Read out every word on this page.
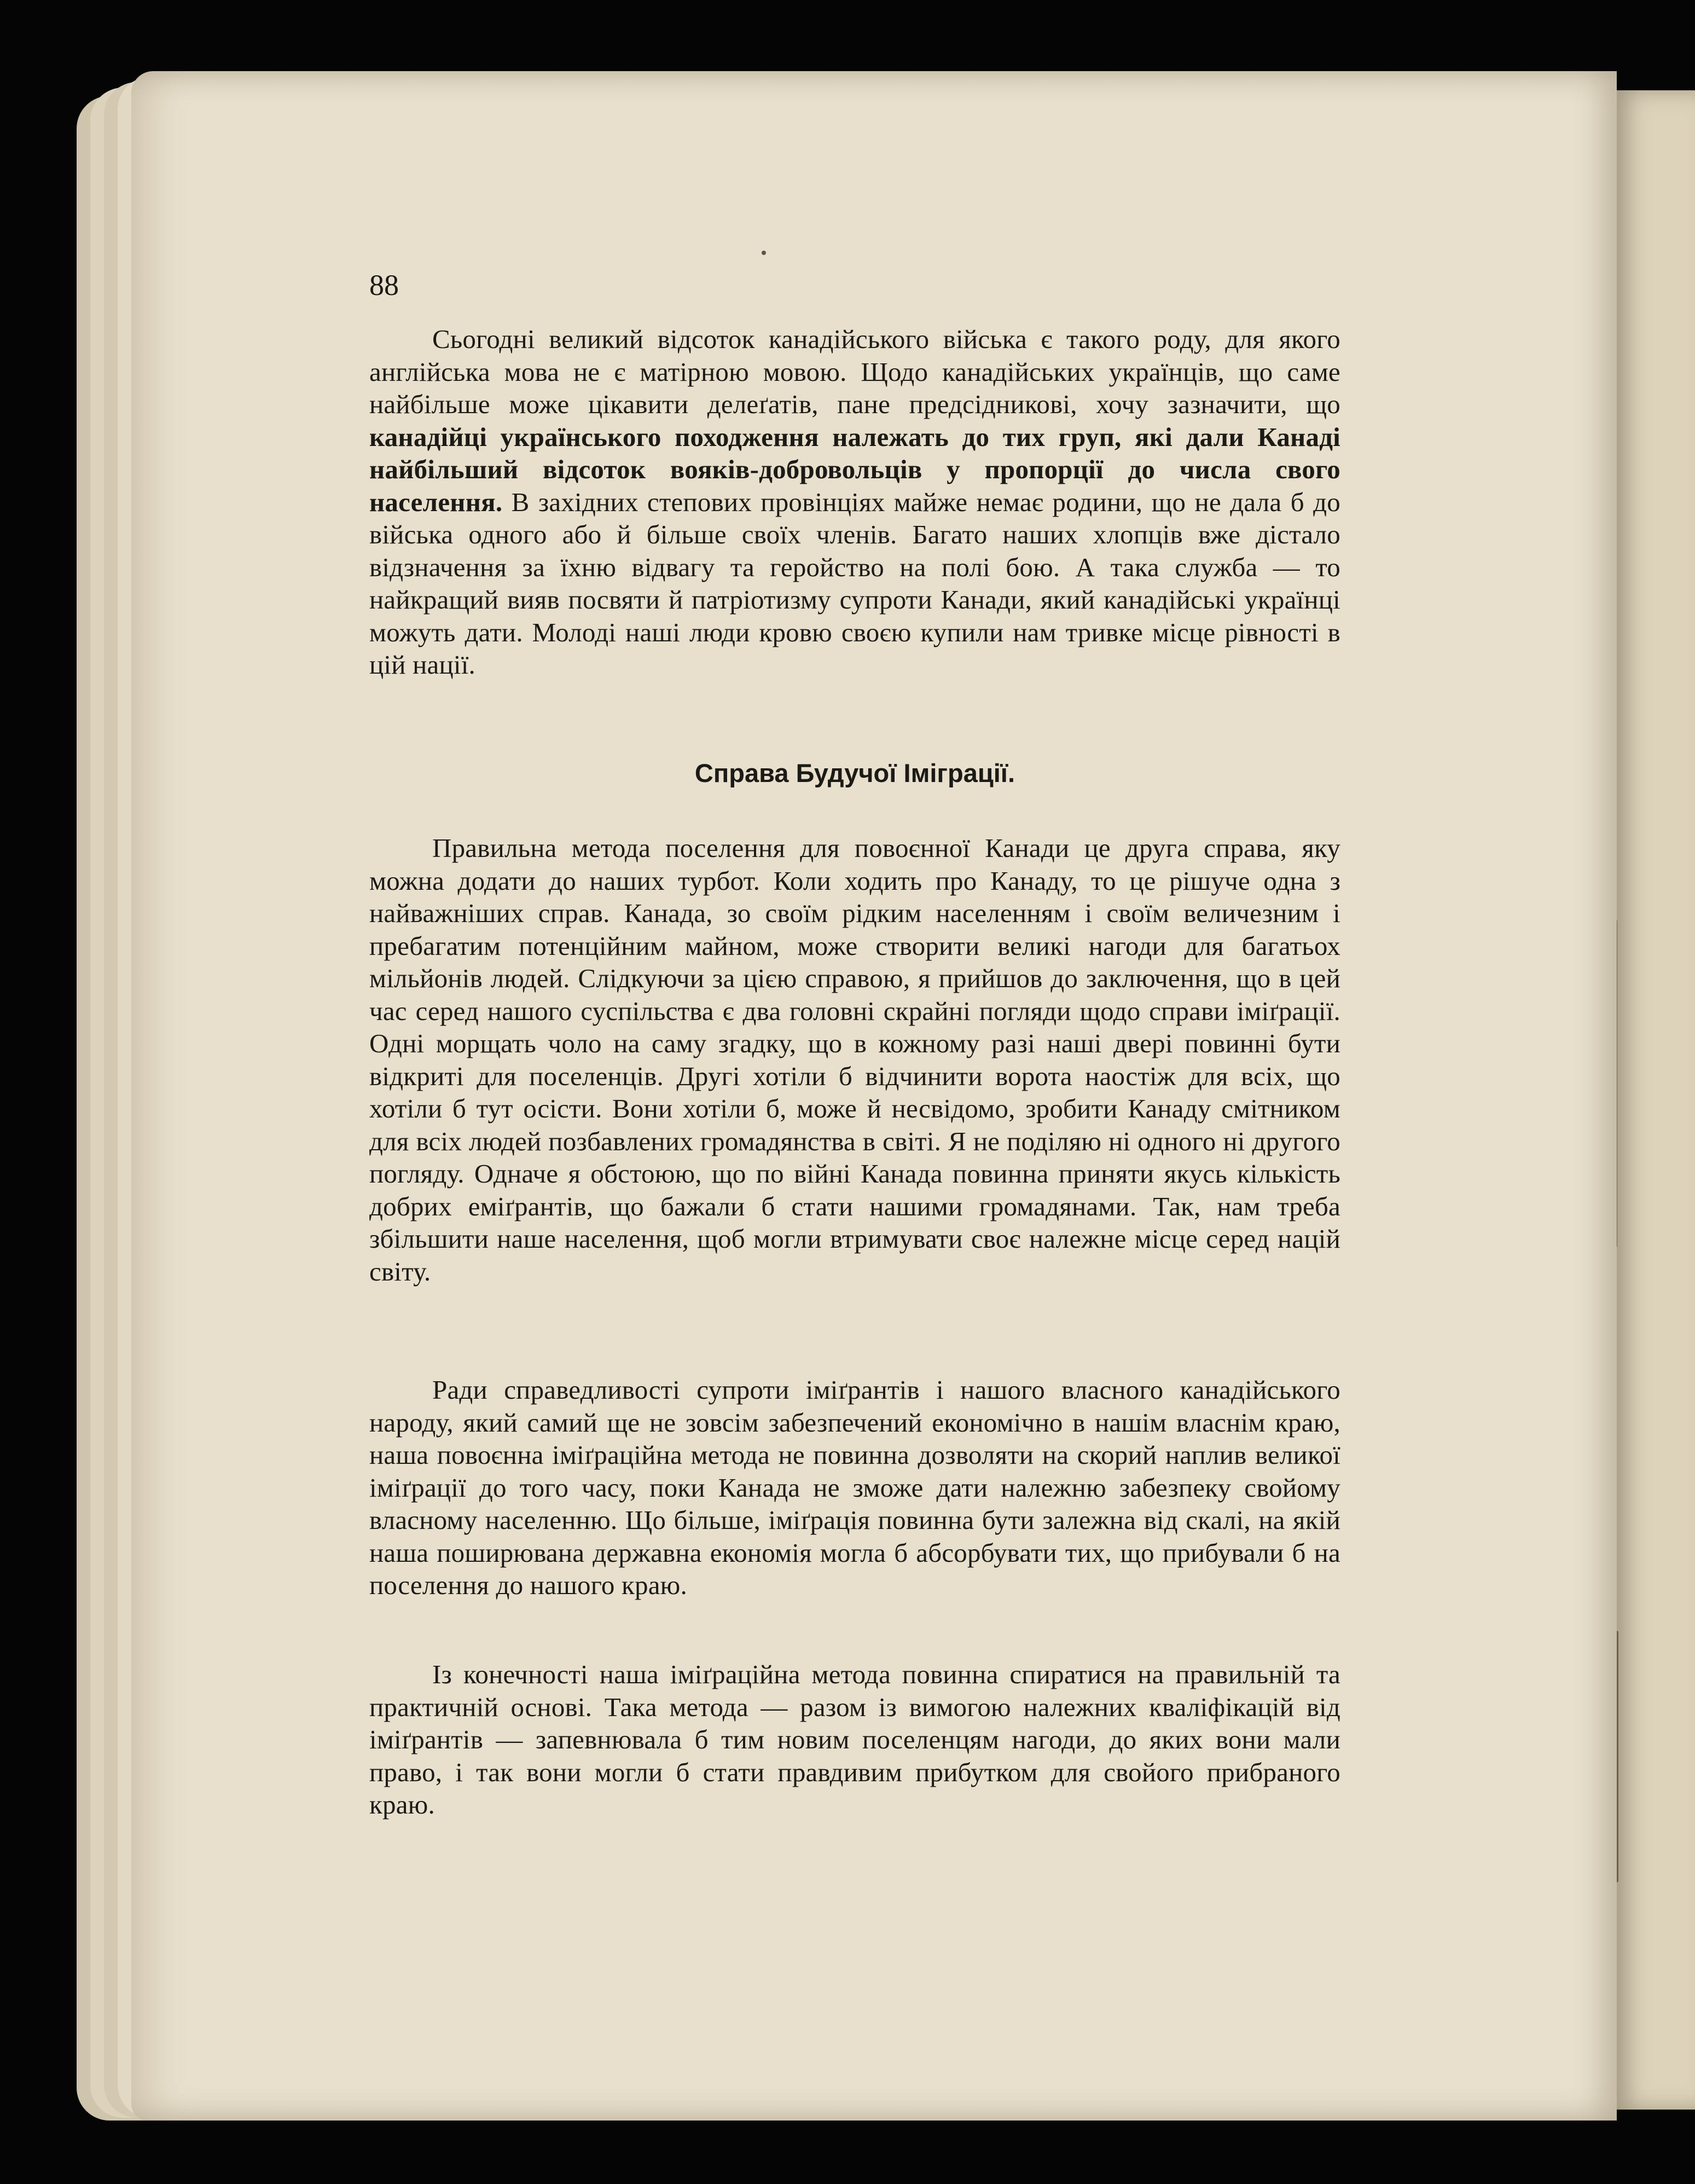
88

Сьогодні великий відсоток канадійського війська є такого роду, для якого англійська мова не є матірною мовою. Щодо канадійських українців, що саме найбільше може цікавити делеґатів, пане предсідникові, хочу зазначити, що канадійці українського походження належать до тих груп, які дали Канаді найбільший відсоток вояків-добровольців у пропорції до числа свого населення. В західних степових провінціях майже немає родини, що не дала б до війська одного або й більше своїх членів. Багато наших хлопців вже дістало відзначення за їхню відвагу та геройство на полі бою. А така служба — то найкращий вияв посвяти й патріотизму супроти Канади, який канадійські українці можуть дати. Молоді наші люди кровю своєю купили нам тривке місце рівності в цій нації.

Справа Будучої Іміграції.

Правильна метода поселення для повоєнної Канади це друга справа, яку можна додати до наших турбот. Коли ходить про Канаду, то це рішуче одна з найважніших справ. Канада, зо своїм рідким населенням і своїм величезним і пребагатим потенційним майном, може створити великі нагоди для багатьох мільйонів людей. Слідкуючи за цією справою, я прийшов до заключення, що в цей час серед нашого суспільства є два головні скрайні погляди щодо справи іміґрації. Одні морщать чоло на саму згадку, що в кожному разі наші двері повинні бути відкриті для поселенців. Другі хотіли б відчинити ворота наостіж для всіх, що хотіли б тут осісти. Вони хотіли б, може й несвідомо, зробити Канаду смітником для всіх людей позбавлених громадянства в світі. Я не поділяю ні одного ні другого погляду. Одначе я обстоюю, що по війні Канада повинна приняти якусь кількість добрих еміґрантів, що бажали б стати нашими громадянами. Так, нам треба збільшити наше населення, щоб могли втримувати своє належне місце серед націй світу.

Ради справедливості супроти іміґрантів і нашого власного канадійського народу, який самий ще не зовсім забезпечений економічно в нашім власнім краю, наша повоєнна іміґраційна метода не повинна дозволяти на скорий наплив великої іміґрації до того часу, поки Канада не зможе дати належню забезпеку свойому власному населенню. Що більше, іміґрація повинна бути залежна від скалі, на якій наша поширювана державна економія могла б абсорбувати тих, що прибували б на поселення до нашого краю.

Із конечності наша іміґраційна метода повинна спиратися на правильній та практичній основі. Така метода — разом із вимогою належних кваліфікацій від іміґрантів — запевнювала б тим новим поселенцям нагоди, до яких вони мали право, і так вони могли б стати правдивим прибутком для свойого прибраного краю.
